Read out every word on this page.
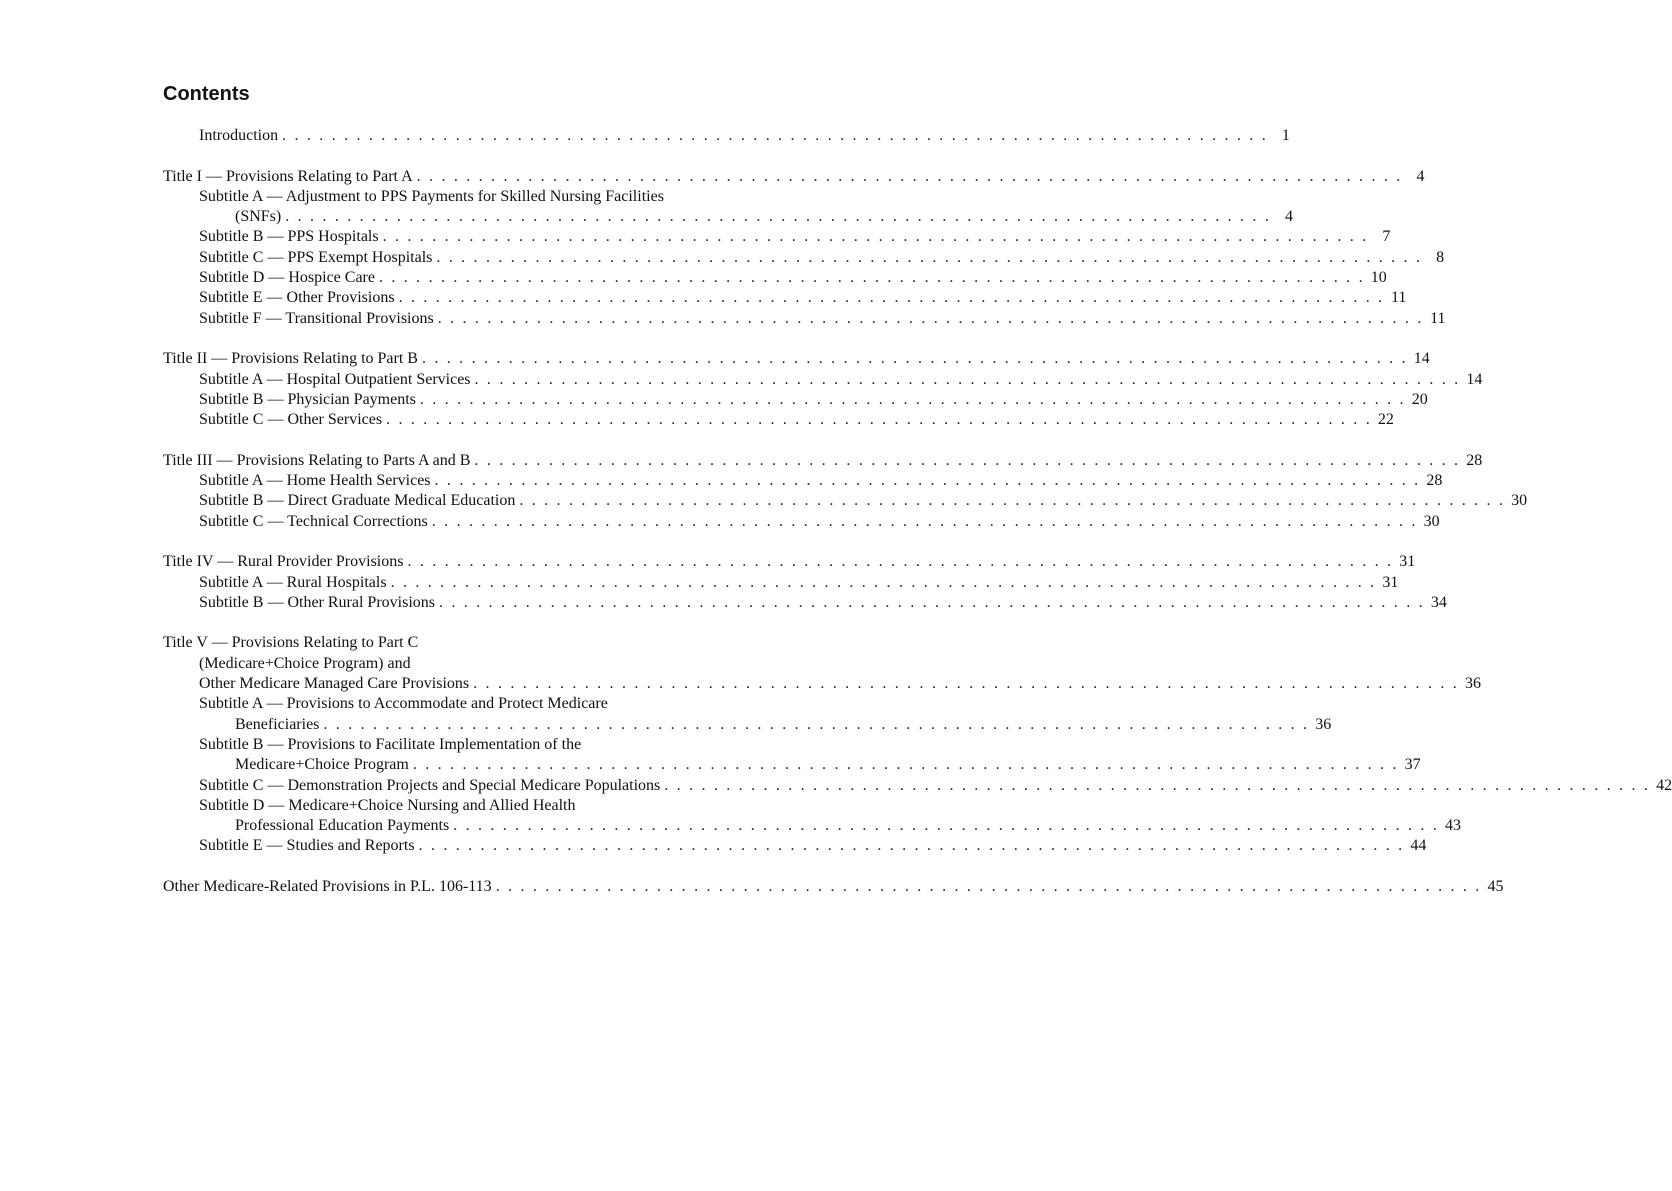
Contents
Introduction . . . . . . . . . . . . . . . . . . . . . . . . . . . . . . . . . . . . . . . . . . . . . . . . . . . . . . . . . . . . . . . . . . . . . . . . . . . . . . . . 1
Title I — Provisions Relating to Part A . . . . . . . . . . . . . . . . . . . . . . . . . . . . . . . . . . . . . . . . . . . . . . . . . . . . . . . . . . . . . . . . . . . . . . . . . . . . . . . . 4
Subtitle A — Adjustment to PPS Payments for Skilled Nursing Facilities
(SNFs) . . . . . . . . . . . . . . . . . . . . . . . . . . . . . . . . . . . . . . . . . . . . . . . . . . . . . . . . . . . . . . . . . . . . . . . . . . . . . . . . 4
Subtitle B — PPS Hospitals . . . . . . . . . . . . . . . . . . . . . . . . . . . . . . . . . . . . . . . . . . . . . . . . . . . . . . . . . . . . . . . . . . . . . . . . . . . . . . . . 7
Subtitle C — PPS Exempt Hospitals . . . . . . . . . . . . . . . . . . . . . . . . . . . . . . . . . . . . . . . . . . . . . . . . . . . . . . . . . . . . . . . . . . . . . . . . . . . . . . . . 8
Subtitle D — Hospice Care . . . . . . . . . . . . . . . . . . . . . . . . . . . . . . . . . . . . . . . . . . . . . . . . . . . . . . . . . . . . . . . . . . . . . . . . . . . . . . . . 10
Subtitle E — Other Provisions . . . . . . . . . . . . . . . . . . . . . . . . . . . . . . . . . . . . . . . . . . . . . . . . . . . . . . . . . . . . . . . . . . . . . . . . . . . . . . . . 11
Subtitle F — Transitional Provisions . . . . . . . . . . . . . . . . . . . . . . . . . . . . . . . . . . . . . . . . . . . . . . . . . . . . . . . . . . . . . . . . . . . . . . . . . . . . . . . . 11
Title II — Provisions Relating to Part B . . . . . . . . . . . . . . . . . . . . . . . . . . . . . . . . . . . . . . . . . . . . . . . . . . . . . . . . . . . . . . . . . . . . . . . . . . . . . . . . 14
Subtitle A — Hospital Outpatient Services . . . . . . . . . . . . . . . . . . . . . . . . . . . . . . . . . . . . . . . . . . . . . . . . . . . . . . . . . . . . . . . . . . . . . . . . . . . . . . . . 14
Subtitle B — Physician Payments . . . . . . . . . . . . . . . . . . . . . . . . . . . . . . . . . . . . . . . . . . . . . . . . . . . . . . . . . . . . . . . . . . . . . . . . . . . . . . . . 20
Subtitle C — Other Services . . . . . . . . . . . . . . . . . . . . . . . . . . . . . . . . . . . . . . . . . . . . . . . . . . . . . . . . . . . . . . . . . . . . . . . . . . . . . . . . 22
Title III — Provisions Relating to Parts A and B . . . . . . . . . . . . . . . . . . . . . . . . . . . . . . . . . . . . . . . . . . . . . . . . . . . . . . . . . . . . . . . . . . . . . . . . . . . . . . . . 28
Subtitle A — Home Health Services . . . . . . . . . . . . . . . . . . . . . . . . . . . . . . . . . . . . . . . . . . . . . . . . . . . . . . . . . . . . . . . . . . . . . . . . . . . . . . . . 28
Subtitle B — Direct Graduate Medical Education . . . . . . . . . . . . . . . . . . . . . . . . . . . . . . . . . . . . . . . . . . . . . . . . . . . . . . . . . . . . . . . . . . . . . . . . . . . . . . . . 30
Subtitle C — Technical Corrections . . . . . . . . . . . . . . . . . . . . . . . . . . . . . . . . . . . . . . . . . . . . . . . . . . . . . . . . . . . . . . . . . . . . . . . . . . . . . . . . 30
Title IV — Rural Provider Provisions . . . . . . . . . . . . . . . . . . . . . . . . . . . . . . . . . . . . . . . . . . . . . . . . . . . . . . . . . . . . . . . . . . . . . . . . . . . . . . . . 31
Subtitle A — Rural Hospitals . . . . . . . . . . . . . . . . . . . . . . . . . . . . . . . . . . . . . . . . . . . . . . . . . . . . . . . . . . . . . . . . . . . . . . . . . . . . . . . . 31
Subtitle B — Other Rural Provisions . . . . . . . . . . . . . . . . . . . . . . . . . . . . . . . . . . . . . . . . . . . . . . . . . . . . . . . . . . . . . . . . . . . . . . . . . . . . . . . . 34
Title V — Provisions Relating to Part C
(Medicare+Choice Program) and
Other Medicare Managed Care Provisions . . . . . . . . . . . . . . . . . . . . . . . . . . . . . . . . . . . . . . . . . . . . . . . . . . . . . . . . . . . . . . . . . . . . . . . . . . . . . . . . 36
Subtitle A — Provisions to Accommodate and Protect Medicare
Beneficiaries . . . . . . . . . . . . . . . . . . . . . . . . . . . . . . . . . . . . . . . . . . . . . . . . . . . . . . . . . . . . . . . . . . . . . . . . . . . . . . . . 36
Subtitle B — Provisions to Facilitate Implementation of the
Medicare+Choice Program . . . . . . . . . . . . . . . . . . . . . . . . . . . . . . . . . . . . . . . . . . . . . . . . . . . . . . . . . . . . . . . . . . . . . . . . . . . . . . . . 37
Subtitle C — Demonstration Projects and Special Medicare Populations . . . . . . . . . . . . . . . . . . . . . . . . . . . . . . . . . . . . . . . . . . . . . . . . . . . . . . . . . . . . . . . . . . . . . . . . . . . . . . . . 42
Subtitle D — Medicare+Choice Nursing and Allied Health
Professional Education Payments . . . . . . . . . . . . . . . . . . . . . . . . . . . . . . . . . . . . . . . . . . . . . . . . . . . . . . . . . . . . . . . . . . . . . . . . . . . . . . . . 43
Subtitle E — Studies and Reports . . . . . . . . . . . . . . . . . . . . . . . . . . . . . . . . . . . . . . . . . . . . . . . . . . . . . . . . . . . . . . . . . . . . . . . . . . . . . . . . 44
Other Medicare-Related Provisions in P.L. 106-113 . . . . . . . . . . . . . . . . . . . . . . . . . . . . . . . . . . . . . . . . . . . . . . . . . . . . . . . . . . . . . . . . . . . . . . . . . . . . . . . . 45
